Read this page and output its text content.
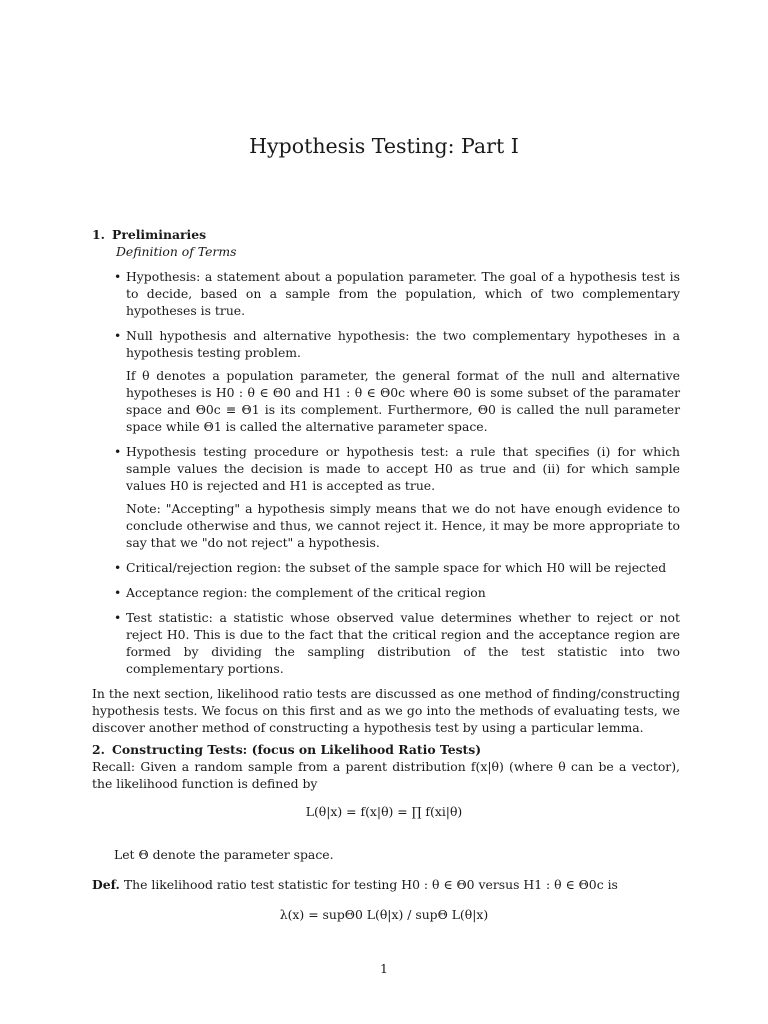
Hypothesis Testing: Part I

1. Preliminaries

Definition of Terms

• Hypothesis: a statement about a population parameter. The goal of a hypothesis test is to decide, based on a sample from the population, which of two complementary hypotheses is true.
• Null hypothesis and alternative hypothesis: the two complementary hypotheses in a hypothesis testing problem.
If θ denotes a population parameter, the general format of the null and alternative hypotheses is H0 : θ ∈ Θ0 and H1 : θ ∈ Θ0c where Θ0 is some subset of the paramater space and Θ0c ≡ Θ1 is its complement. Furthermore, Θ0 is called the null parameter space while Θ1 is called the alternative parameter space.
• Hypothesis testing procedure or hypothesis test: a rule that specifies (i) for which sample values the decision is made to accept H0 as true and (ii) for which sample values H0 is rejected and H1 is accepted as true.
Note: "Accepting" a hypothesis simply means that we do not have enough evidence to conclude otherwise and thus, we cannot reject it. Hence, it may be more appropriate to say that we "do not reject" a hypothesis.
• Critical/rejection region: the subset of the sample space for which H0 will be rejected
• Acceptance region: the complement of the critical region
• Test statistic: a statistic whose observed value determines whether to reject or not reject H0. This is due to the fact that the critical region and the acceptance region are formed by dividing the sampling distribution of the test statistic into two complementary portions.

In the next section, likelihood ratio tests are discussed as one method of finding/constructing hypothesis tests. We focus on this first and as we go into the methods of evaluating tests, we discover another method of constructing a hypothesis test by using a particular lemma.

2. Constructing Tests: (focus on Likelihood Ratio Tests)

Recall: Given a random sample from a parent distribution f(x|θ) (where θ can be a vector), the likelihood function is defined by

L(θ|x) = f(x|θ) = ∏ f(xi|θ)
Let Θ denote the parameter space.
Def. The likelihood ratio test statistic for testing H0 : θ ∈ Θ0 versus H1 : θ ∈ Θ0c is
λ(x) = supΘ0 L(θ|x) / supΘ L(θ|x)
1
